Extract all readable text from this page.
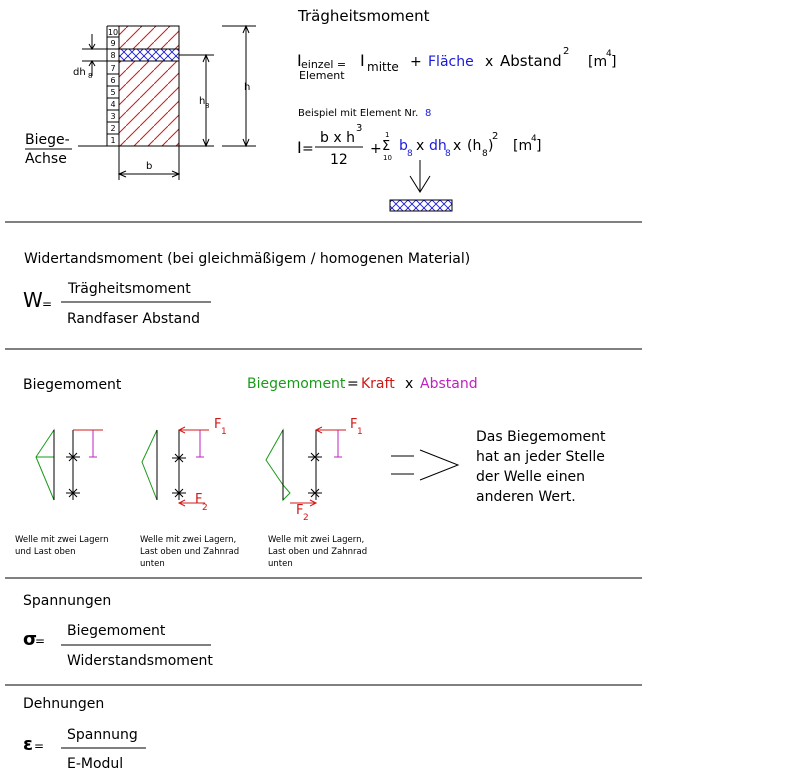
10
9
8
7
6
5
4
3
2
1
dh 8
h 8
h
b
Biege-
Achse
Trägheitsmoment
I einzel =
Element
I mitte + Fläche x Abstand
2
[m
4 ]
Beispiel mit Element Nr. 8
I =
b x h
3
12
+
1
Σ
10
b 8 x dh
8 x (h 8 )
2
[m
4 ]
Widertandsmoment (bei gleichmäßigem / homogenen Material)
W =
Trägheitsmoment
Randfaser Abstand
Biegemoment	Biegemoment = Kraft x Abstand
F 1
F
2
F 1
F 2
Das Biegemoment
hat an jeder Stelle
der Welle einen
anderen Wert.
Welle mit zwei Lagern
und Last oben
Welle mit zwei Lagern,
Last oben und Zahnrad
unten
Welle mit zwei Lagern,
Last oben und Zahnrad
unten
Spannungen
σ
=
Biegemoment
Widerstandsmoment
Dehnungen
ε =
Spannung
E-Modul
